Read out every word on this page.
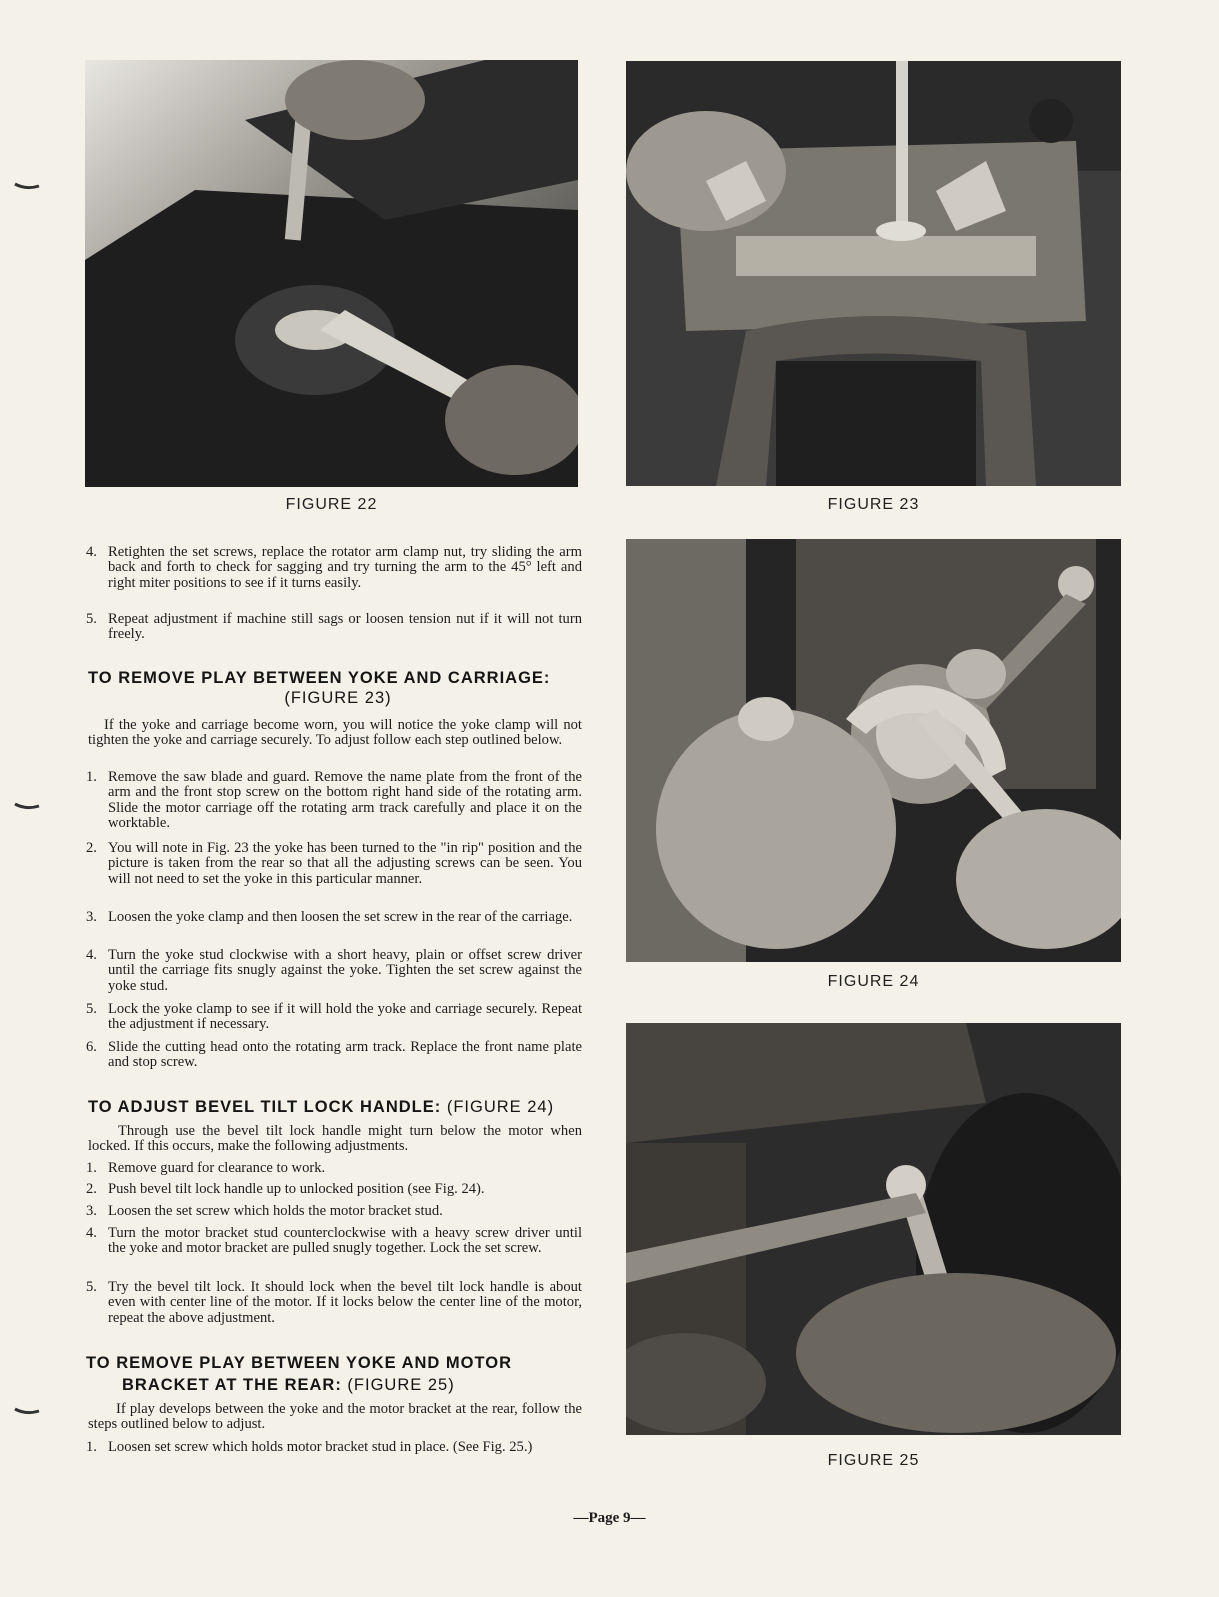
FIGURE 22	FIGURE 23
FIGURE 24
FIGURE 25
4. Retighten the set screws, replace the rotator arm clamp nut, try sliding the arm back and forth to check for sagging and try turning the arm to the 45° left and right miter positions to see if it turns easily.
5. Repeat adjustment if machine still sags or loosen tension nut if it will not turn freely.
TO REMOVE PLAY BETWEEN YOKE AND CARRIAGE:
(FIGURE 23)
If the yoke and carriage become worn, you will notice the yoke clamp will not tighten the yoke and carriage securely. To adjust follow each step outlined below.
1. Remove the saw blade and guard. Remove the name plate from the front of the arm and the front stop screw on the bottom right hand side of the rotating arm. Slide the motor carriage off the rotating arm track carefully and place it on the worktable.
2. You will note in Fig. 23 the yoke has been turned to the "in rip" position and the picture is taken from the rear so that all the adjusting screws can be seen. You will not need to set the yoke in this particular manner.
3. Loosen the yoke clamp and then loosen the set screw in the rear of the carriage.
4. Turn the yoke stud clockwise with a short heavy, plain or offset screw driver until the carriage fits snugly against the yoke. Tighten the set screw against the yoke stud.
5. Lock the yoke clamp to see if it will hold the yoke and carriage securely. Repeat the adjustment if necessary.
6. Slide the cutting head onto the rotating arm track. Replace the front name plate and stop screw.
TO ADJUST BEVEL TILT LOCK HANDLE: (FIGURE 24)
Through use the bevel tilt lock handle might turn below the motor when locked. If this occurs, make the following adjustments.
1. Remove guard for clearance to work.
2. Push bevel tilt lock handle up to unlocked position (see Fig. 24).
3. Loosen the set screw which holds the motor bracket stud.
4. Turn the motor bracket stud counterclockwise with a heavy screw driver until the yoke and motor bracket are pulled snugly together. Lock the set screw.
5. Try the bevel tilt lock. It should lock when the bevel tilt lock handle is about even with center line of the motor. If it locks below the center line of the motor, repeat the above adjustment.
TO REMOVE PLAY BETWEEN YOKE AND MOTOR
BRACKET AT THE REAR: (FIGURE 25)
If play develops between the yoke and the motor bracket at the rear, follow the steps outlined below to adjust.
1. Loosen set screw which holds motor bracket stud in place. (See Fig. 25.)
—Page 9—
